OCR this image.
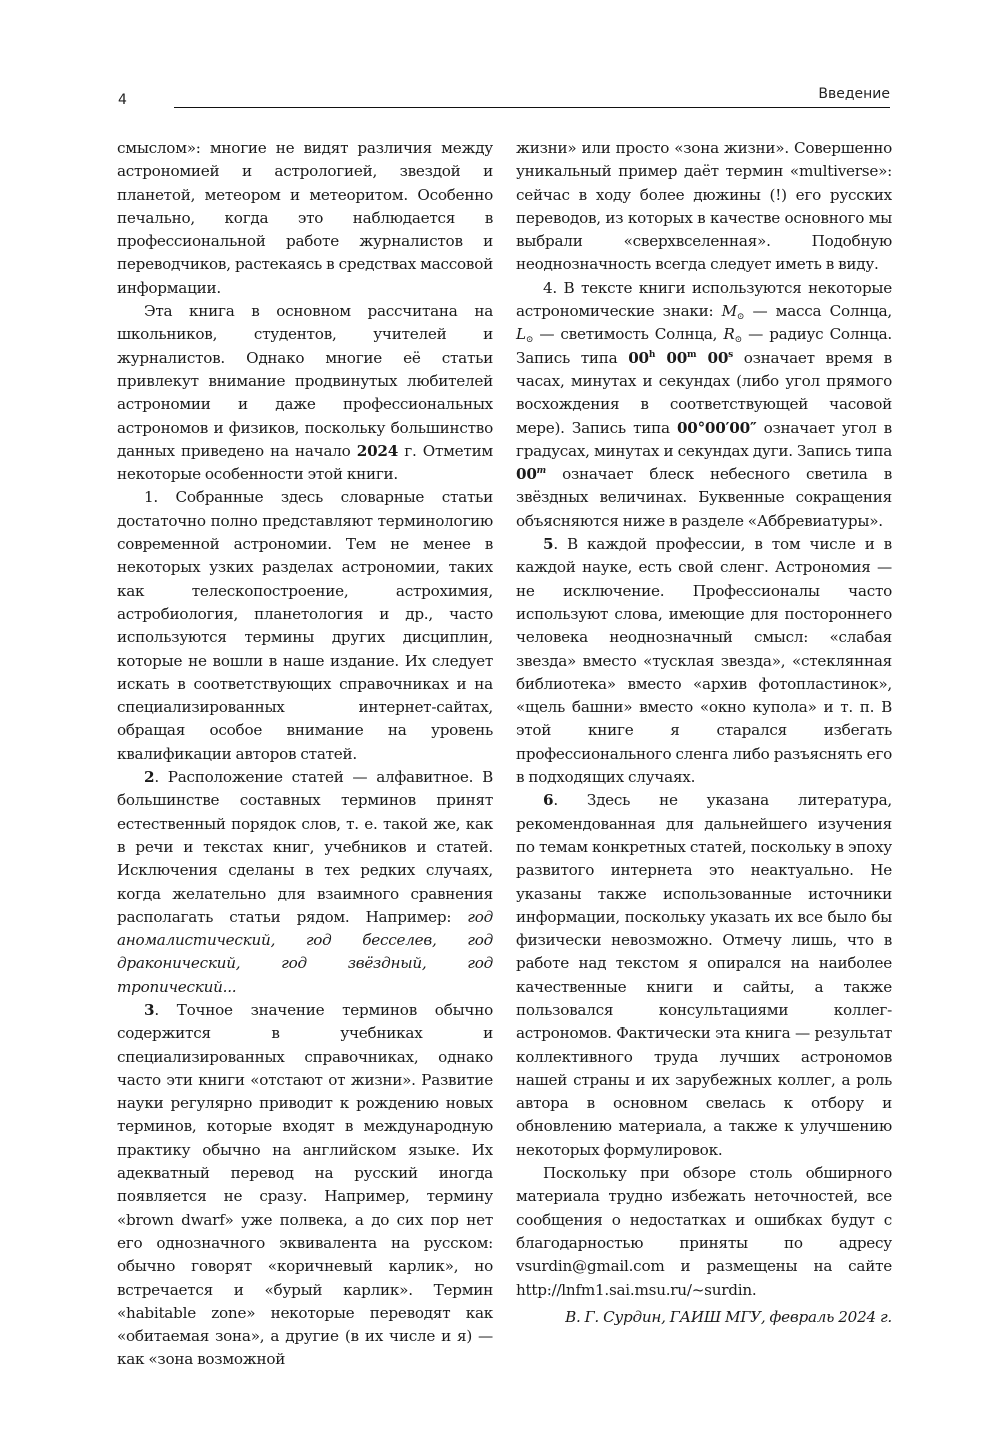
4	Введение

смыслом»: многие не видят различия между астрономией и астрологией, звездой и планетой, метеором и метеоритом. Особенно печально, когда это наблюдается в профессиональной работе журналистов и переводчиков, растекаясь в средствах массовой информации.

Эта книга в основном рассчитана на школьников, студентов, учителей и журналистов. Однако многие её статьи привлекут внимание продвинутых любителей астрономии и даже профессиональных астрономов и физиков, поскольку большинство данных приведено на начало 2024 г. Отметим некоторые особенности этой книги.

1. Собранные здесь словарные статьи достаточно полно представляют терминологию современной астрономии. Тем не менее в некоторых узких разделах астрономии, таких как телескопостроение, астрохимия, астробиология, планетология и др., часто используются термины других дисциплин, которые не вошли в наше издание. Их следует искать в соответствующих справочниках и на специализированных интернет-сайтах, обращая особое внимание на уровень квалификации авторов статей.

2. Расположение статей — алфавитное. В большинстве составных терминов принят естественный порядок слов, т. е. такой же, как в речи и текстах книг, учебников и статей. Исключения сделаны в тех редких случаях, когда желательно для взаимного сравнения располагать статьи рядом. Например: год аномалистический, год бесселев, год драконический, год звёздный, год тропический...

3. Точное значение терминов обычно содержится в учебниках и специализированных справочниках, однако часто эти книги «отстают от жизни». Развитие науки регулярно приводит к рождению новых терминов, которые входят в международную практику обычно на английском языке. Их адекватный перевод на русский иногда появляется не сразу. Например, термину «brown dwarf» уже полвека, а до сих пор нет его однозначного эквивалента на русском: обычно говорят «коричневый карлик», но встречается и «бурый карлик». Термин «habitable zone» некоторые переводят как «обитаемая зона», а другие (в их числе и я) — как «зона возможной

жизни» или просто «зона жизни». Совершенно уникальный пример даёт термин «multiverse»: сейчас в ходу более дюжины (!) его русских переводов, из которых в качестве основного мы выбрали «сверхвселенная». Подобную неоднозначность всегда следует иметь в виду.

4. В тексте книги используются некоторые астрономические знаки: $M_⊙$ — масса Солнца, $L_⊙$ — светимость Солнца, $R_⊙$ — радиус Солнца. Запись типа 00$^h$ 00$^m$ 00$^s$ означает время в часах, минутах и секундах (либо угол прямого восхождения в соответствующей часовой мере). Запись типа 00°00′00″ означает угол в градусах, минутах и секундах дуги. Запись типа 00$^m$ означает блеск небесного светила в звёздных величинах. Буквенные сокращения объясняются ниже в разделе «Аббревиатуры».

5. В каждой профессии, в том числе и в каждой науке, есть свой сленг. Астрономия — не исключение. Профессионалы часто используют слова, имеющие для постороннего человека неоднозначный смысл: «слабая звезда» вместо «тусклая звезда», «стеклянная библиотека» вместо «архив фотопластинок», «щель башни» вместо «окно купола» и т. п. В этой книге я старался избегать профессионального сленга либо разъяснять его в подходящих случаях.

6. Здесь не указана литература, рекомендованная для дальнейшего изучения по темам конкретных статей, поскольку в эпоху развитого интернета это неактуально. Не указаны также использованные источники информации, поскольку указать их все было бы физически невозможно. Отмечу лишь, что в работе над текстом я опирался на наиболее качественные книги и сайты, а также пользовался консультациями коллег-астрономов. Фактически эта книга — результат коллективного труда лучших астрономов нашей страны и их зарубежных коллег, а роль автора в основном свелась к отбору и обновлению материала, а также к улучшению некоторых формулировок.

Поскольку при обзоре столь обширного материала трудно избежать неточностей, все сообщения о недостатках и ошибках будут с благодарностью приняты по адресу vsurdin@gmail.com и размещены на сайте http://lnfm1.sai.msu.ru/~surdin.

В. Г. Сурдин, ГАИШ МГУ, февраль 2024 г.
